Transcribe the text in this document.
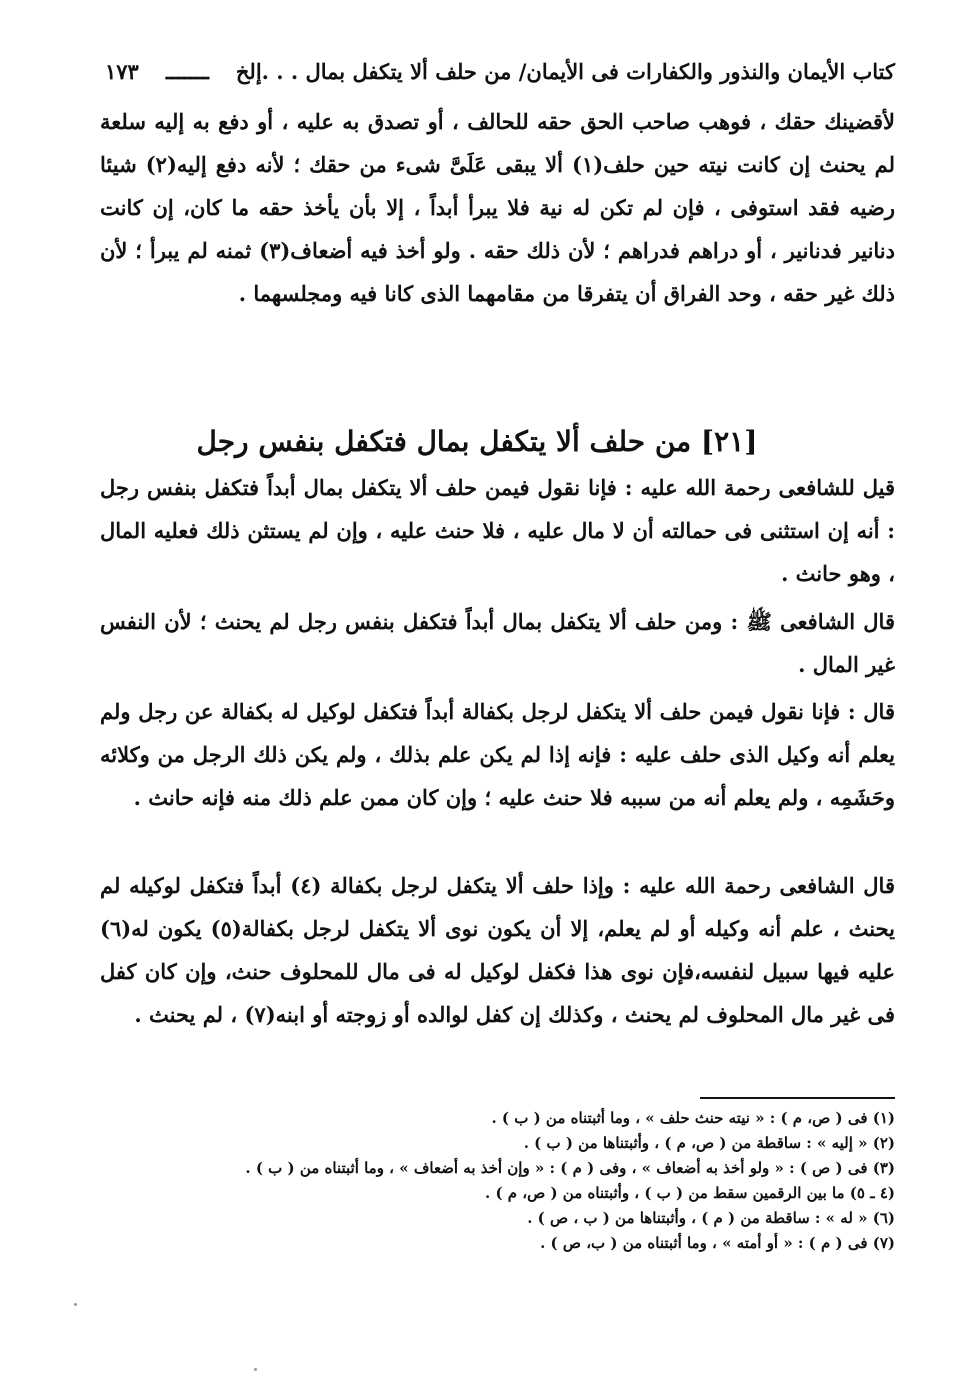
كتاب الأيمان والنذور والكفارات فى الأيمان/ من حلف ألا يتكفل بمال . . .إلخ
ـــــــ
١٧٣

لأقضينك حقك ، فوهب صاحب الحق حقه للحالف ، أو تصدق به عليه ، أو دفع به إليه سلعة لم يحنث إن كانت نيته حين حلف(١) ألا يبقى عَلَىَّ شىء من حقك ؛ لأنه دفع إليه(٢) شيئا رضيه فقد استوفى ، فإن لم تكن له نية فلا يبرأ أبداً ، إلا بأن يأخذ حقه ما كان، إن كانت دنانير فدنانير ، أو دراهم فدراهم ؛ لأن ذلك حقه . ولو أخذ فيه أضعاف(٣) ثمنه لم يبرأ ؛ لأن ذلك غير حقه ، وحد الفراق أن يتفرقا من مقامهما الذى كانا فيه ومجلسهما .

[٢١] من حلف ألا يتكفل بمال فتكفل بنفس رجل

قيل للشافعى رحمة الله عليه : فإنا نقول فيمن حلف ألا يتكفل بمال أبداً فتكفل بنفس رجل : أنه إن استثنى فى حمالته أن لا مال عليه ، فلا حنث عليه ، وإن لم يستثن ذلك فعليه المال ، وهو حانث .

قال الشافعى ﷺ : ومن حلف ألا يتكفل بمال أبداً فتكفل بنفس رجل لم يحنث ؛ لأن النفس غير المال .

قال : فإنا نقول فيمن حلف ألا يتكفل لرجل بكفالة أبداً فتكفل لوكيل له بكفالة عن رجل ولم يعلم أنه وكيل الذى حلف عليه : فإنه إذا لم يكن علم بذلك ، ولم يكن ذلك الرجل من وكلائه وحَشَمِه ، ولم يعلم أنه من سببه فلا حنث عليه ؛ وإن كان ممن علم ذلك منه فإنه حانث .

قال الشافعى رحمة الله عليه : وإذا حلف ألا يتكفل لرجل بكفالة (٤) أبداً فتكفل لوكيله لم يحنث ، علم أنه وكيله أو لم يعلم، إلا أن يكون نوى ألا يتكفل لرجل بكفالة(٥) يكون له(٦) عليه فيها سبيل لنفسه،فإن نوى هذا فكفل لوكيل له فى مال للمحلوف حنث، وإن كان كفل فى غير مال المحلوف لم يحنث ، وكذلك إن كفل لوالده أو زوجته أو ابنه(٧) ، لم يحنث .

(١) فى ( ص، م ) : « نيته حنث حلف » ، وما أثبتناه من ( ب ) .
(٢) « إليه » : ساقطة من ( ص، م ) ، وأثبتناها من ( ب ) .
(٣) فى ( ص ) : « ولو أخذ به أضعاف » ، وفى ( م ) : « وإن أخذ به أضعاف » ، وما أثبتناه من ( ب ) .
(٤ ـ ٥) ما بين الرقمين سقط من ( ب ) ، وأثبتناه من ( ص، م ) .
(٦) « له » : ساقطة من ( م ) ، وأثبتناها من ( ب ، ص ) .
(٧) فى ( م ) : « أو أمته » ، وما أثبتناه من ( ب، ص ) .
